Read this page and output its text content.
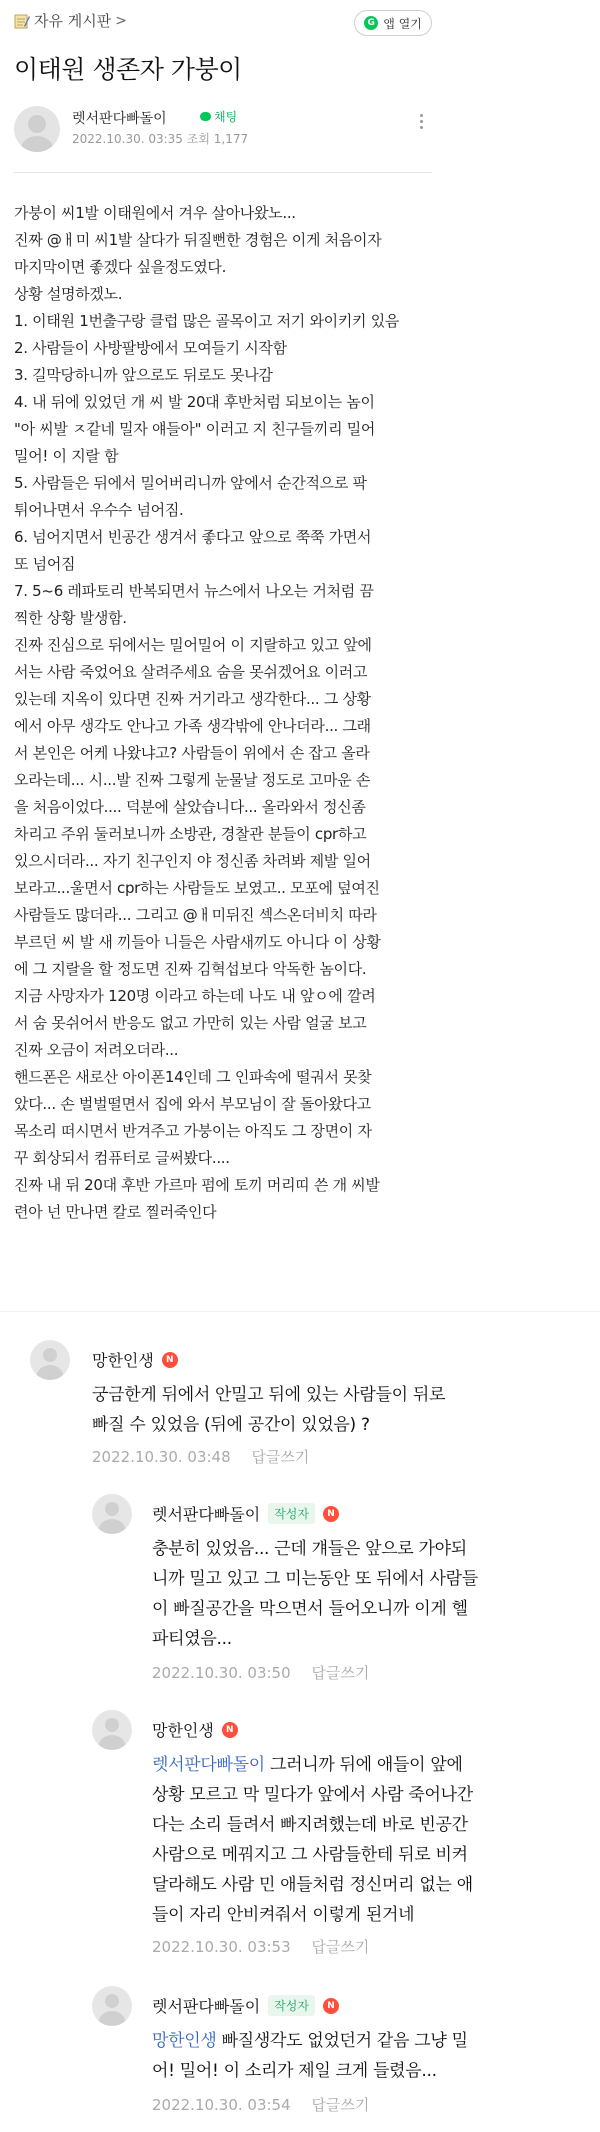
자유 게시판 >	G 앱 열기
이태원 생존자 가붕이
렛서판다빠돌이	채팅
2022.10.30. 03:35 조회 1,177

가붕이 씨1발 이태원에서 겨우 살아나왔노...

진짜 @ㅐ미 씨1발 살다가 뒤질뻔한 경험은 이게 처음이자

마지막이면 좋겠다 싶을정도였다.

상황 설명하겠노.

1. 이태원 1번출구랑 클럽 많은 골목이고 저기 와이키키 있음

2. 사람들이 사방팔방에서 모여들기 시작함

3. 길막당하니까 앞으로도 뒤로도 못나감

4. 내 뒤에 있었던 개 씨 발 20대 후반처럼 되보이는 놈이

"아 씨발 ㅈ같네 밀자 얘들아" 이러고 지 친구들끼리 밀어

밀어! 이 지랄 함

5. 사람들은 뒤에서 밀어버리니까 앞에서 순간적으로 팍

튀어나면서 우수수 넘어짐.

6. 넘어지면서 빈공간 생겨서 좋다고 앞으로 쭉쭉 가면서

또 넘어짐

7. 5~6 레파토리 반복되면서 뉴스에서 나오는 거처럼 끔

찍한 상황 발생함.

진짜 진심으로 뒤에서는 밀어밀어 이 지랄하고 있고 앞에

서는 사람 죽었어요 살려주세요 숨을 못쉬겠어요 이러고

있는데 지옥이 있다면 진짜 거기라고 생각한다... 그 상황

에서 아무 생각도 안나고 가족 생각밖에 안나더라... 그래

서 본인은 어케 나왔냐고? 사람들이 위에서 손 잡고 올라

오라는데... 시...발 진짜 그렇게 눈물날 정도로 고마운 손

을 처음이었다.... 덕분에 살았습니다... 올라와서 정신좀

차리고 주위 둘러보니까 소방관, 경찰관 분들이 cpr하고

있으시더라... 자기 친구인지 야 정신좀 차려봐 제발 일어

보라고...울면서 cpr하는 사람들도 보였고.. 모포에 덮여진

사람들도 많더라... 그리고 @ㅐ미뒤진 섹스온더비치 따라

부르던 씨 발 새 끼들아 니들은 사람새끼도 아니다 이 상황

에 그 지랄을 할 정도면 진짜 김혁섭보다 악독한 놈이다.

지금 사망자가 120명 이라고 하는데 나도 내 앞ㅇ에 깔려

서 숨 못쉬어서 반응도 없고 가만히 있는 사람 얼굴 보고

진짜 오금이 저려오더라...

핸드폰은 새로산 아이폰14인데 그 인파속에 떨궈서 못찾

았다... 손 벌벌떨면서 집에 와서 부모님이 잘 돌아왔다고

목소리 떠시면서 반겨주고 가붕이는 아직도 그 장면이 자

꾸 회상되서 컴퓨터로 글써봤다....

진짜 내 뒤 20대 후반 가르마 펌에 토끼 머리띠 쓴 개 씨발

련아 넌 만나면 칼로 찔러죽인다

망한인생	N
궁금한게 뒤에서 안밀고 뒤에 있는 사람들이 뒤로
빠질 수 있었음 (뒤에 공간이 있었음) ?
2022.10.30. 03:48 답글쓰기
렛서판다빠돌이	작성자	N
충분히 있었음... 근데 걔들은 앞으로 가야되
니까 밀고 있고 그 미는동안 또 뒤에서 사람들
이 빠질공간을 막으면서 들어오니까 이게 헬
파티였음...
2022.10.30. 03:50 답글쓰기
망한인생	N
렛서판다빠돌이 그러니까 뒤에 애들이 앞에
상황 모르고 막 밀다가 앞에서 사람 죽어나간
다는 소리 들려서 빠지려했는데 바로 빈공간
사람으로 메꿔지고 그 사람들한테 뒤로 비켜
달라해도 사람 민 애들처럼 정신머리 없는 애
들이 자리 안비켜줘서 이렇게 된거네
2022.10.30. 03:53 답글쓰기
렛서판다빠돌이	작성자	N
망한인생 빠질생각도 없었던거 같음 그냥 밀
어! 밀어! 이 소리가 제일 크게 들렸음...
2022.10.30. 03:54 답글쓰기
